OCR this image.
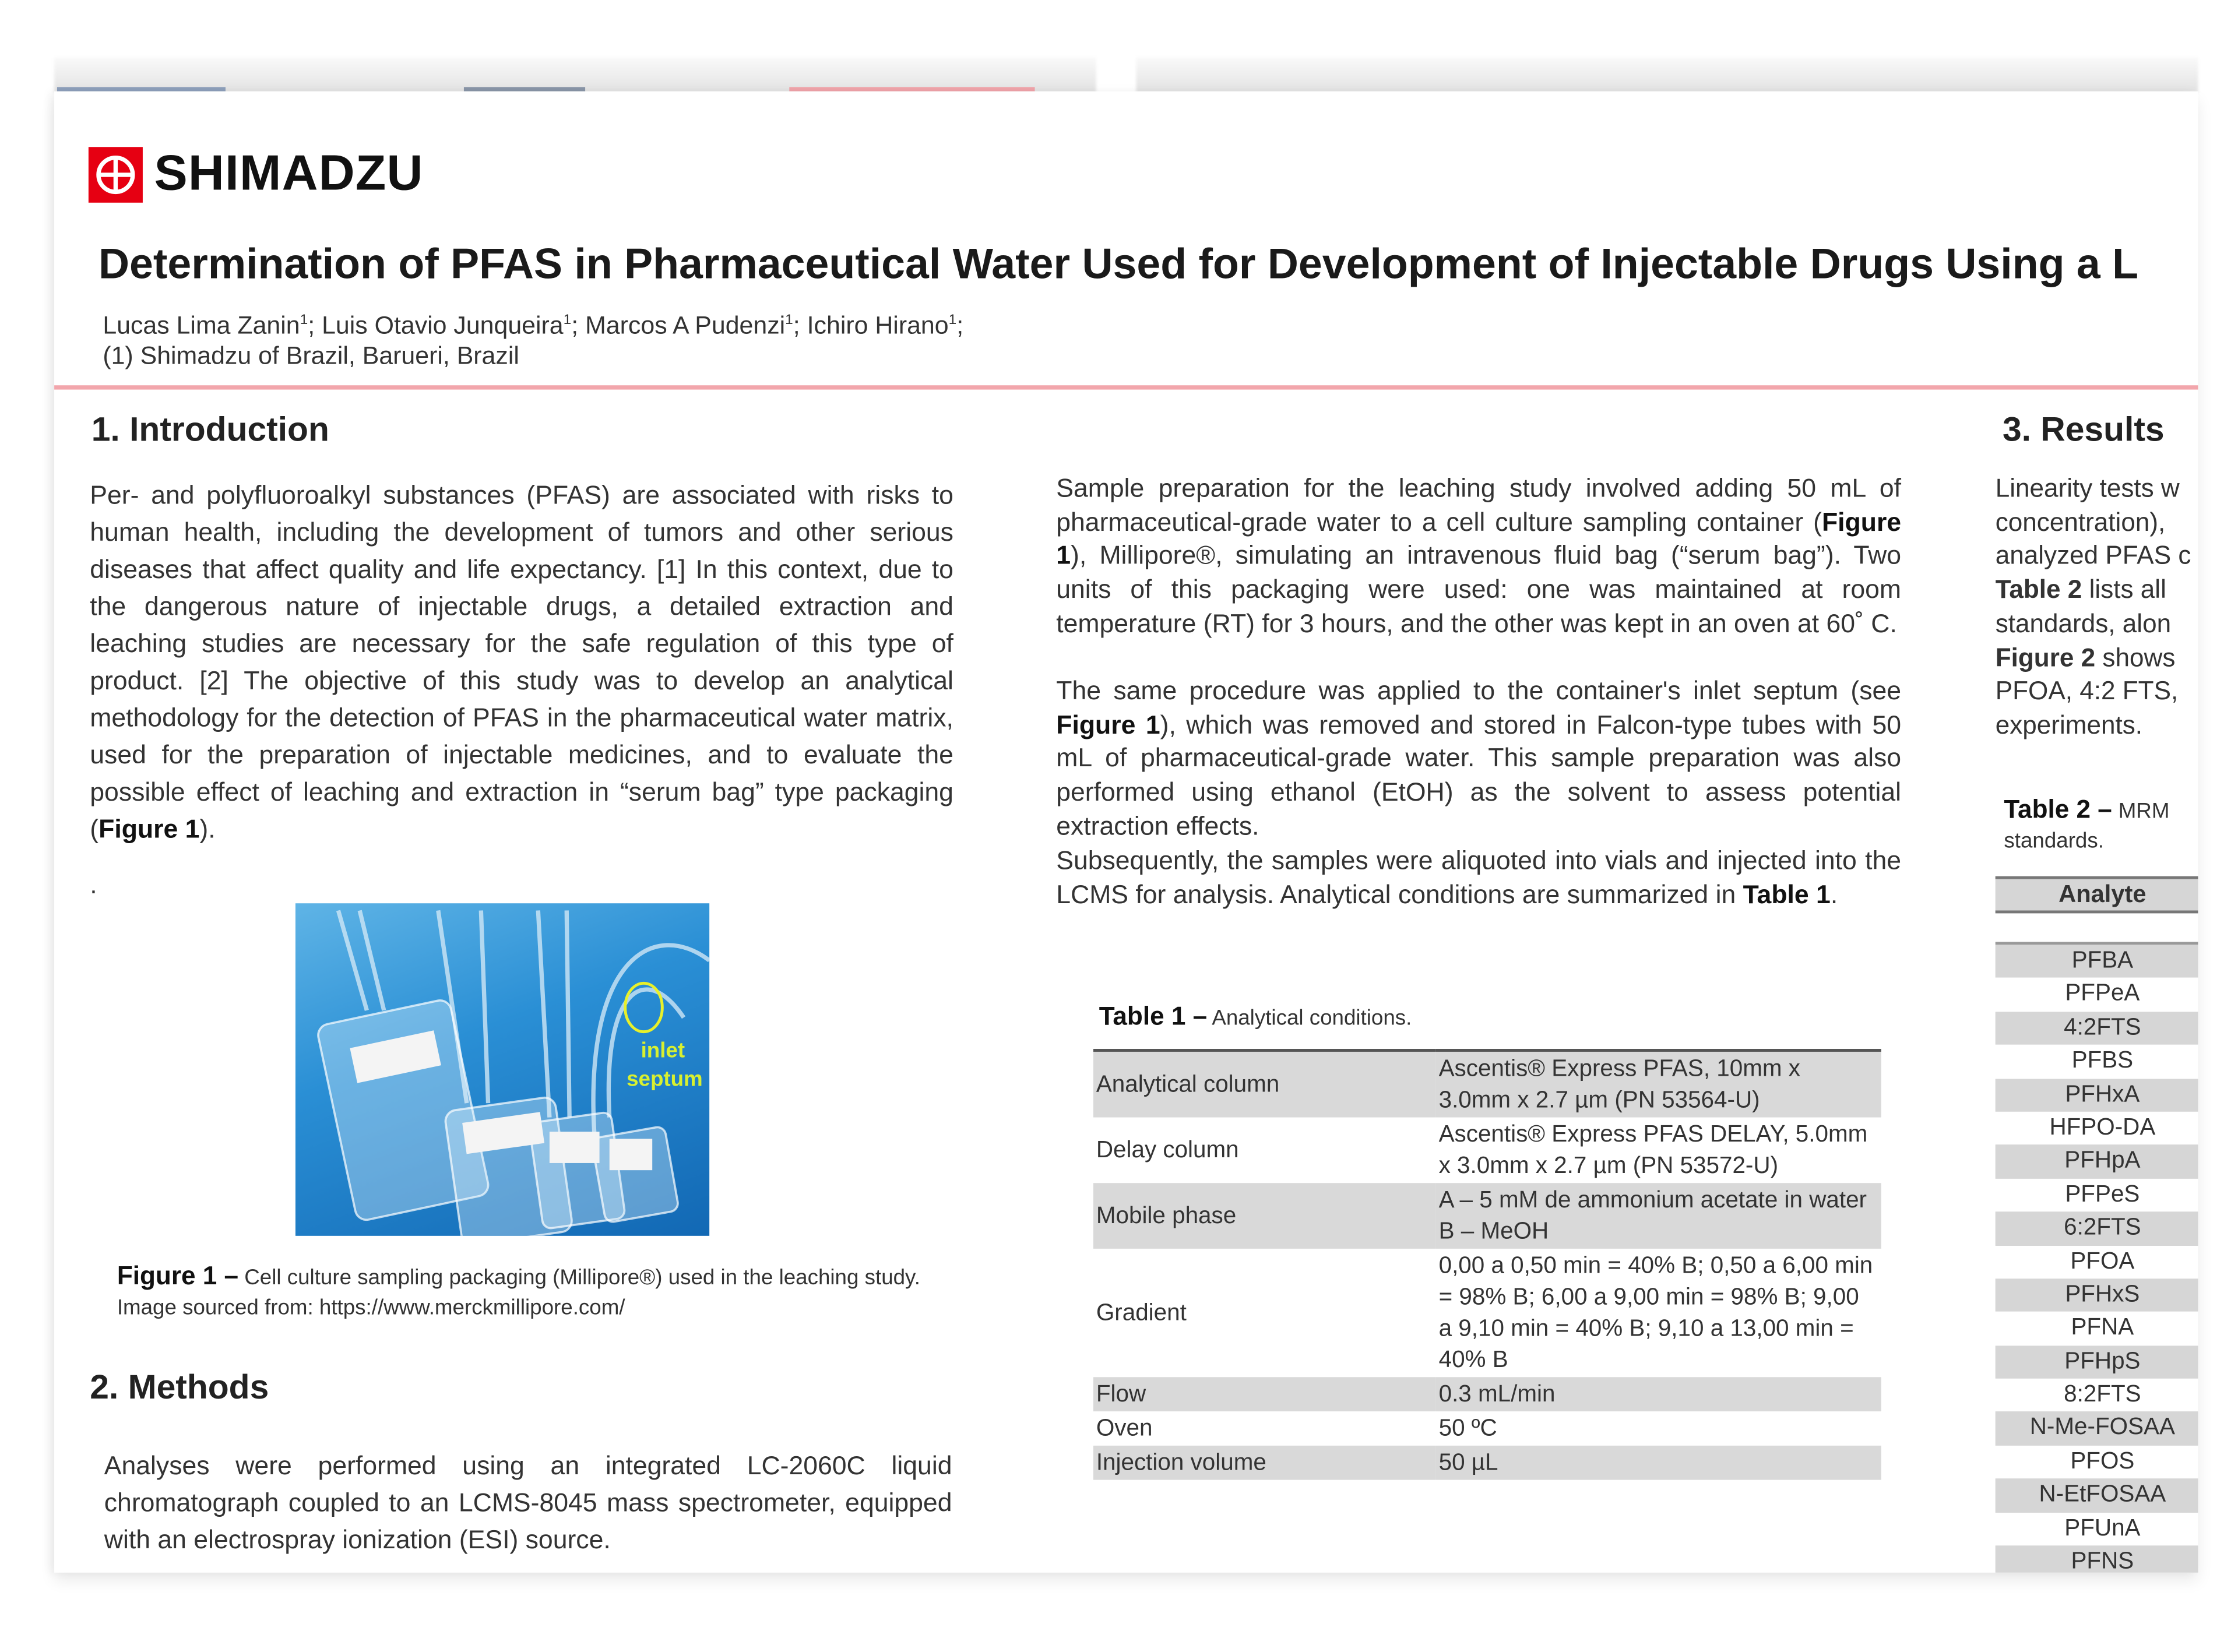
SHIMADZU
Determination of PFAS in Pharmaceutical Water Used for Development of Injectable Drugs Using a L
Lucas Lima Zanin$^1$; Luis Otavio Junqueira$^1$; Marcos A Pudenzi$^1$; Ichiro Hirano$^1$;
(1) Shimadzu of Brazil, Barueri, Brazil
1. Introduction
Per- and polyfluoroalkyl substances (PFAS) are associated with risks to human health, including the development of tumors and other serious diseases that affect quality and life expectancy. [1] In this context, due to the dangerous nature of injectable drugs, a detailed extraction and leaching studies are necessary for the safe regulation of this type of product. [2] The objective of this study was to develop an analytical methodology for the detection of PFAS in the pharmaceutical water matrix, used for the preparation of injectable medicines, and to evaluate the possible effect of leaching and extraction in “serum bag” type packaging (Figure 1).
.
inlet
septum
Figure 1 – Cell culture sampling packaging (Millipore®) used in the leaching study. Image sourced from: https://www.merckmillipore.com/
2. Methods
Analyses were performed using an integrated LC-2060C liquid chromatograph coupled to an LCMS-8045 mass spectrometer, equipped with an electrospray ionization (ESI) source.
Sample preparation for the leaching study involved adding 50 mL of pharmaceutical-grade water to a cell culture sampling container (Figure 1), Millipore®, simulating an intravenous fluid bag (“serum bag”). Two units of this packaging were used: one was maintained at room temperature (RT) for 3 hours, and the other was kept in an oven at 60˚ C.
The same procedure was applied to the container's inlet septum (see Figure 1), which was removed and stored in Falcon-type tubes with 50 mL of pharmaceutical-grade water. This sample preparation was also performed using ethanol (EtOH) as the solvent to assess potential extraction effects.
Subsequently, the samples were aliquoted into vials and injected into the LCMS for analysis. Analytical conditions are summarized in Table 1.
Table 1 – Analytical conditions.
Analytical column	Ascentis® Express PFAS, 10mm x 3.0mm x 2.7 µm (PN 53564-U)
Delay column	Ascentis® Express PFAS DELAY, 5.0mm x 3.0mm x 2.7 µm (PN 53572-U)
Mobile phase	A – 5 mM de ammonium acetate in water
B – MeOH
Gradient	0,00 a 0,50 min = 40% B; 0,50 a 6,00 min = 98% B; 6,00 a 9,00 min = 98% B; 9,00 a 9,10 min = 40% B; 9,10 a 13,00 min = 40% B
Flow	0.3 mL/min
Oven	50 ºC
Injection volume	50 µL
3. Results
Linearity tests w
concentration),
analyzed PFAS c
Table 2 lists all
standards, alon
Figure 2 shows
PFOA, 4:2 FTS,
experiments.
Table 2 – MRM
standards.
Analyte
PFBA
PFPeA
4:2FTS
PFBS
PFHxA
HFPO-DA
PFHpA
PFPeS
6:2FTS
PFOA
PFHxS
PFNA
PFHpS
8:2FTS
N-Me-FOSAA
PFOS
N-EtFOSAA
PFUnA
PFNS
